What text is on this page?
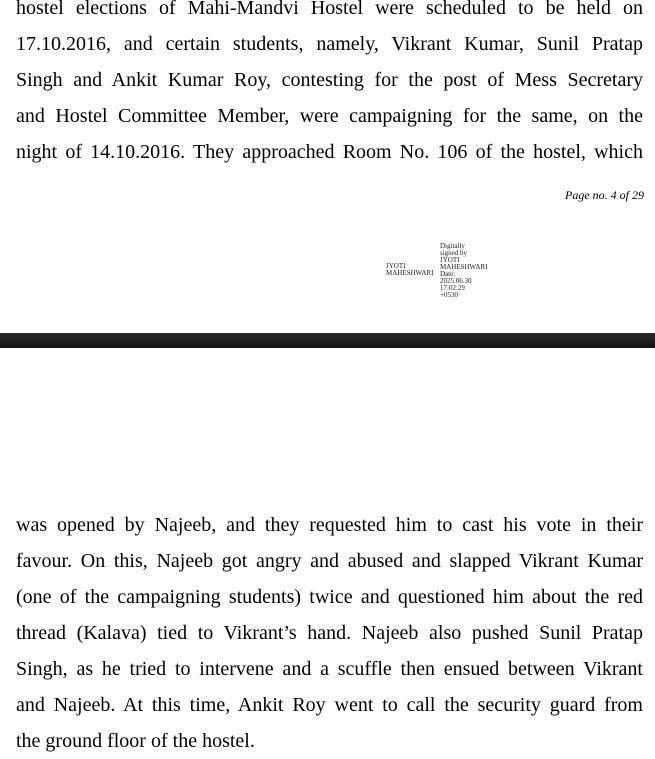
hostel elections of Mahi-Mandvi Hostel were scheduled to be held on
17.10.2016, and certain students, namely, Vikrant Kumar, Sunil Pratap
Singh and Ankit Kumar Roy, contesting for the post of Mess Secretary
and Hostel Committee Member, were campaigning for the same, on the
night of 14.10.2016. They approached Room No. 106 of the hostel, which
Page no. 4 of 29
JYOTI
MAHESHWARI
Digitally
signed by
JYOTI
MAHESHWARI
Date:
2025.06.30
17:02:29
+0530
was opened by Najeeb, and they requested him to cast his vote in their
favour. On this, Najeeb got angry and abused and slapped Vikrant Kumar
(one of the campaigning students) twice and questioned him about the red
thread (Kalava) tied to Vikrant’s hand. Najeeb also pushed Sunil Pratap
Singh, as he tried to intervene and a scuffle then ensued between Vikrant
and Najeeb. At this time, Ankit Roy went to call the security guard from
the ground floor of the hostel.
